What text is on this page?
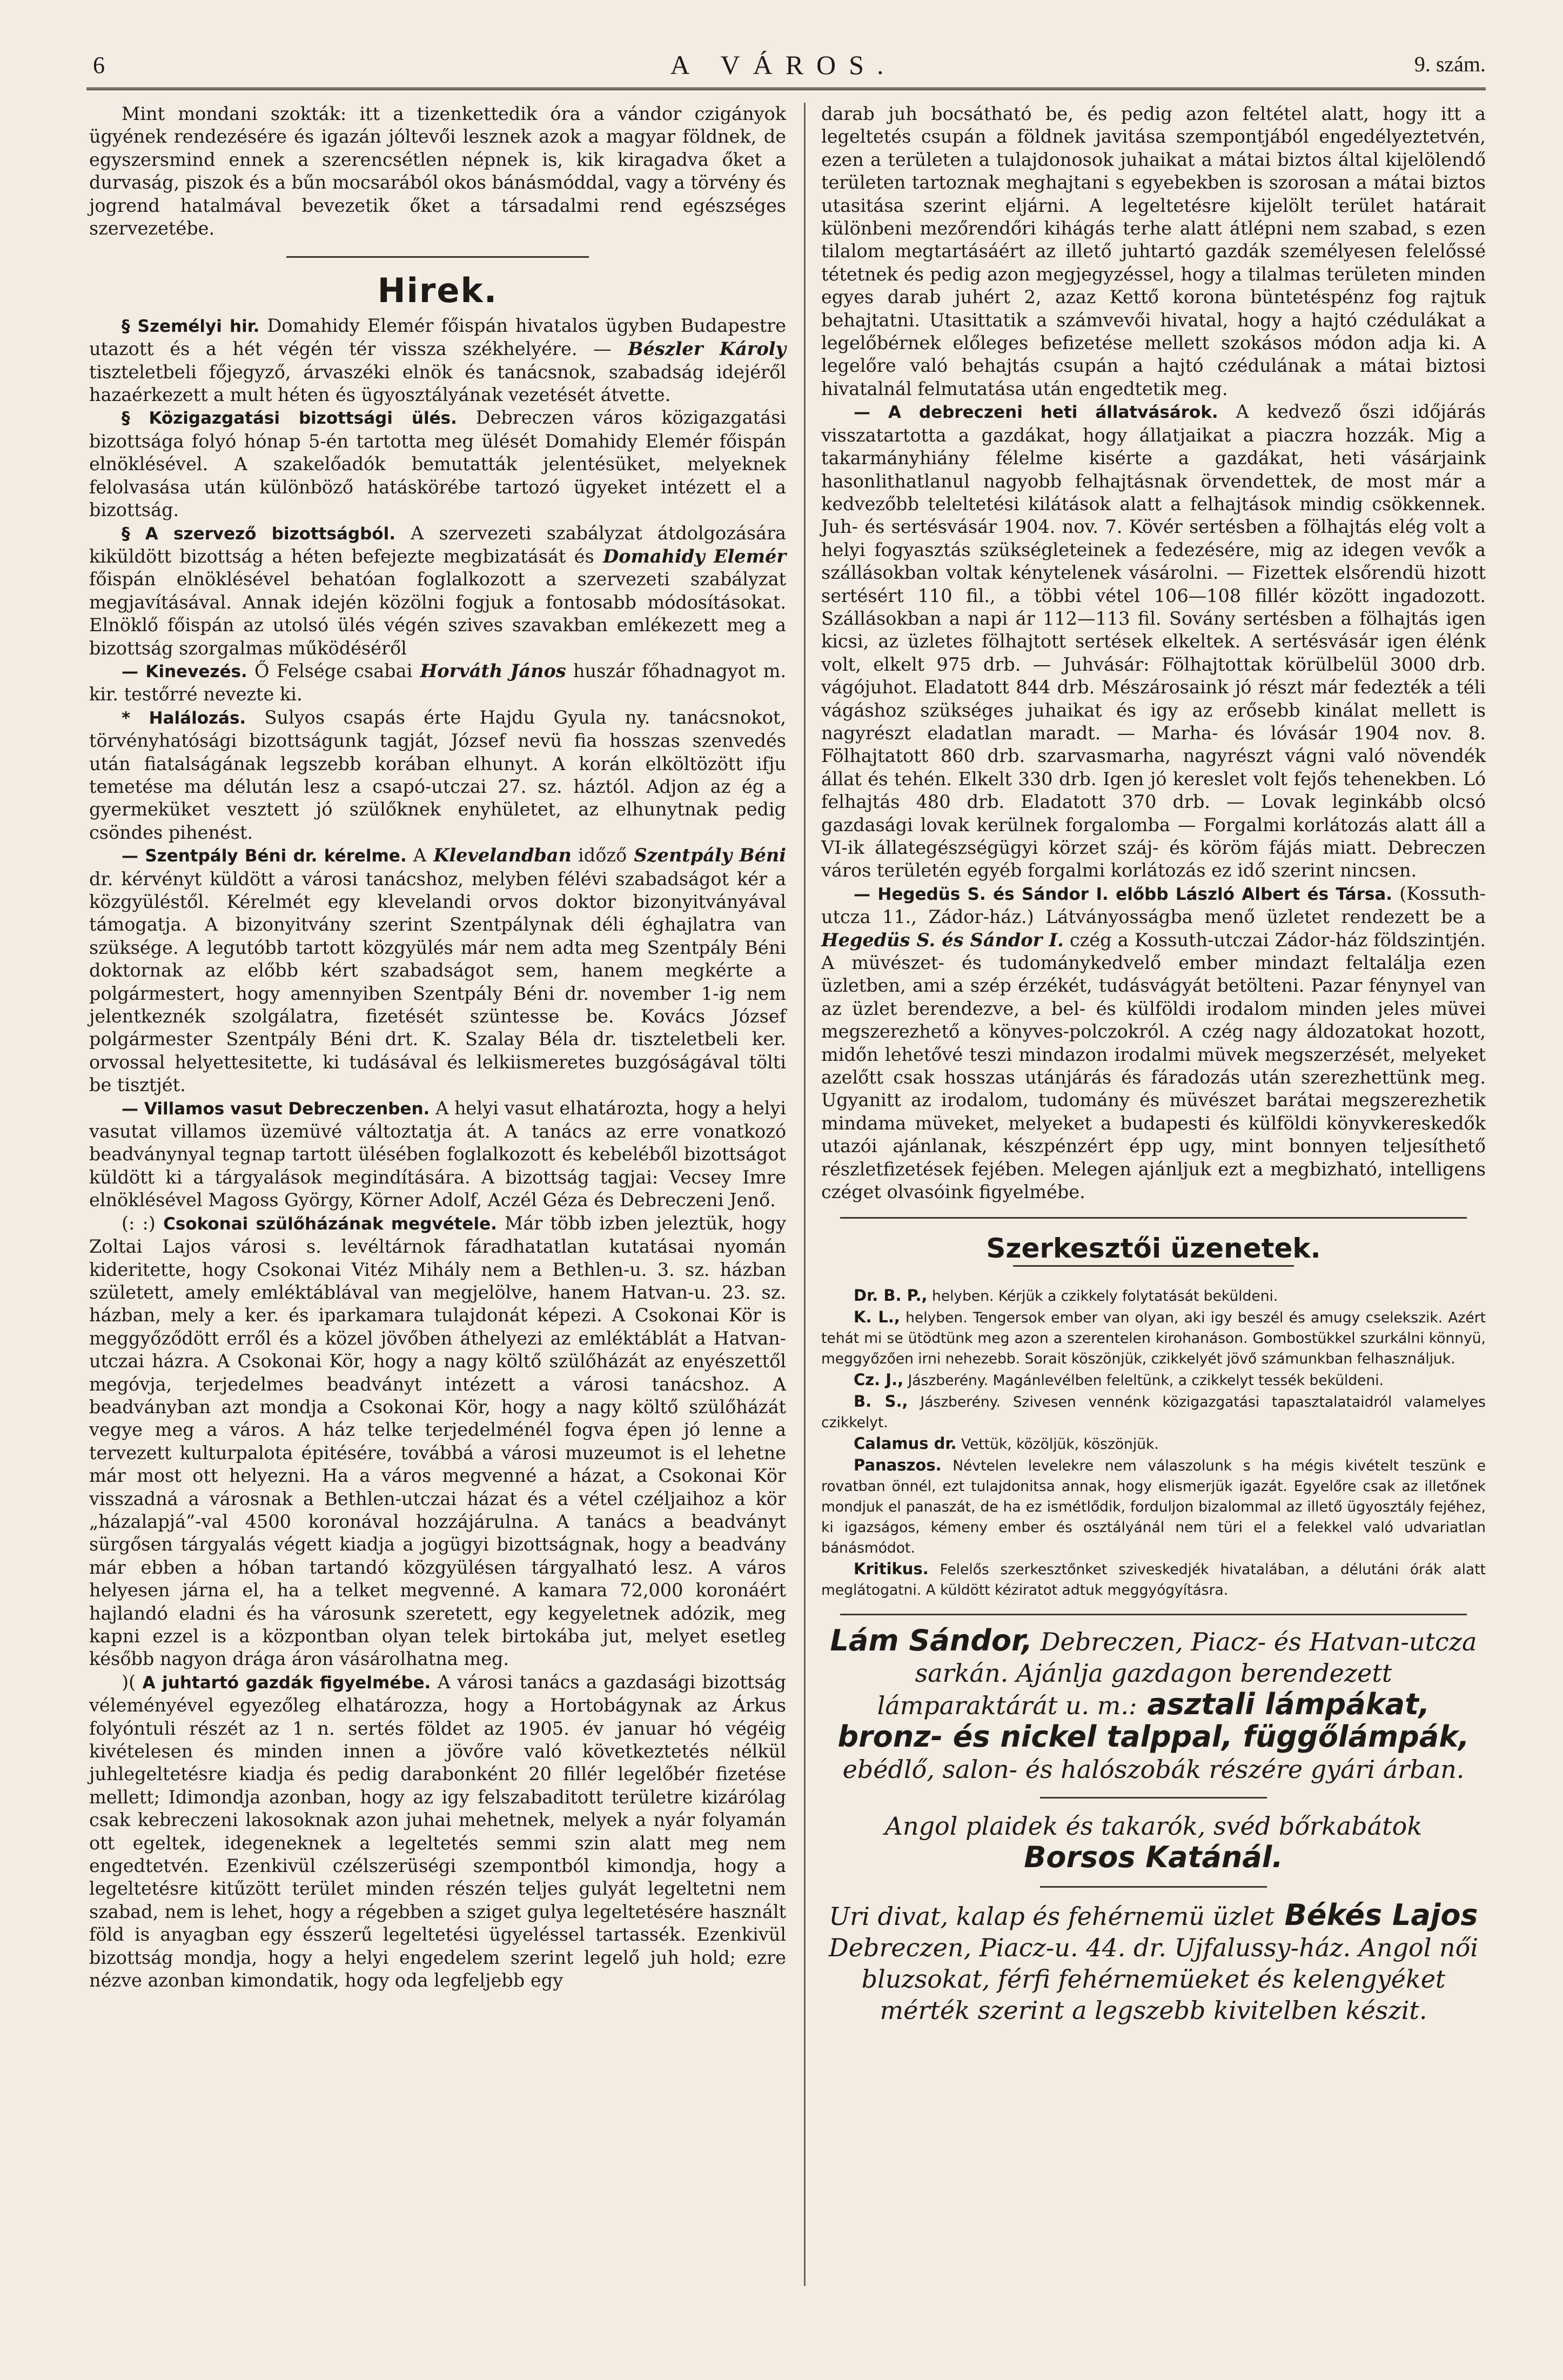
6	A VÁROS.	9. szám.

Mint mondani szokták: itt a tizenkettedik óra a vándor czigányok ügyének rendezésére és igazán jóltevői lesznek azok a magyar földnek, de egyszersmind ennek a szerencsétlen népnek is, kik kiragadva őket a durvaság, piszok és a bűn mocsarából okos bánásmóddal, vagy a törvény és jogrend hatalmával bevezetik őket a társadalmi rend egészséges szervezetébe.

Hirek.

§ Személyi hir. Domahidy Elemér főispán hivatalos ügyben Budapestre utazott és a hét végén tér vissza székhelyére. — Bészler Károly tiszteletbeli főjegyző, árvaszéki elnök és tanácsnok, szabadság idejéről hazaérkezett a mult héten és ügyosztályának vezetését átvette.

§ Közigazgatási bizottsági ülés. Debreczen város közigazgatási bizottsága folyó hónap 5-én tartotta meg ülését Domahidy Elemér főispán elnöklésével. A szakelőadók bemutatták jelentésüket, melyeknek felolvasása után különböző hatáskörébe tartozó ügyeket intézett el a bizottság.

§ A szervező bizottságból. A szervezeti szabályzat átdolgozására kiküldött bizottság a héten befejezte megbizatását és Domahidy Elemér főispán elnöklésével behatóan foglalkozott a szervezeti szabályzat megjavításával. Annak idején közölni fogjuk a fontosabb módosításokat. Elnöklő főispán az utolsó ülés végén szives szavakban emlékezett meg a bizottság szorgalmas működéséről

— Kinevezés. Ő Felsége csabai Horváth János huszár főhadnagyot m. kir. testőrré nevezte ki.

* Halálozás. Sulyos csapás érte Hajdu Gyula ny. tanácsnokot, törvényhatósági bizottságunk tagját, József nevü fia hosszas szenvedés után fiatalságának legszebb korában elhunyt. A korán elköltözött ifju temetése ma délután lesz a csapó-utczai 27. sz. háztól. Adjon az ég a gyermeküket vesztett jó szülőknek enyhületet, az elhunytnak pedig csöndes pihenést.

— Szentpály Béni dr. kérelme. A Klevelandban időző Szentpály Béni dr. kérvényt küldött a városi tanácshoz, melyben félévi szabadságot kér a közgyüléstől. Kérelmét egy klevelandi orvos doktor bizonyitványával támogatja. A bizonyitvány szerint Szentpálynak déli éghajlatra van szüksége. A legutóbb tartott közgyülés már nem adta meg Szentpály Béni doktornak az előbb kért szabadságot sem, hanem megkérte a polgármestert, hogy amennyiben Szentpály Béni dr. november 1-ig nem jelentkeznék szolgálatra, fizetését szüntesse be. Kovács József polgármester Szentpály Béni drt. K. Szalay Béla dr. tiszteletbeli ker. orvossal helyettesitette, ki tudásával és lelkiismeretes buzgóságával tölti be tisztjét.

— Villamos vasut Debreczenben. A helyi vasut elhatározta, hogy a helyi vasutat villamos üzemüvé változtatja át. A tanács az erre vonatkozó beadványnyal tegnap tartott ülésében foglalkozott és kebeléből bizottságot küldött ki a tárgyalások megindítására. A bizottság tagjai: Vecsey Imre elnöklésével Magoss György, Körner Adolf, Aczél Géza és Debreczeni Jenő.

(: :) Csokonai szülőházának megvétele. Már több izben jeleztük, hogy Zoltai Lajos városi s. levéltárnok fáradhatatlan kutatásai nyomán kideritette, hogy Csokonai Vitéz Mihály nem a Bethlen-u. 3. sz. házban született, amely emléktáblával van megjelölve, hanem Hatvan-u. 23. sz. házban, mely a ker. és iparkamara tulajdonát képezi. A Csokonai Kör is meggyőződött erről és a közel jövőben áthelyezi az emléktáblát a Hatvan-utczai házra. A Csokonai Kör, hogy a nagy költő szülőházát az enyészettől megóvja, terjedelmes beadványt intézett a városi tanácshoz. A beadványban azt mondja a Csokonai Kör, hogy a nagy költő szülőházát vegye meg a város. A ház telke terjedelménél fogva épen jó lenne a tervezett kulturpalota épitésére, továbbá a városi muzeumot is el lehetne már most ott helyezni. Ha a város megvenné a házat, a Csokonai Kör visszadná a városnak a Bethlen-utczai házat és a vétel czéljaihoz a kör „házalapjá”-val 4500 koronával hozzájárulna. A tanács a beadványt sürgősen tárgyalás végett kiadja a jogügyi bizottságnak, hogy a beadvány már ebben a hóban tartandó közgyülésen tárgyalható lesz. A város helyesen járna el, ha a telket megvenné. A kamara 72,000 koronáért hajlandó eladni és ha városunk szeretett, egy kegyeletnek adózik, meg kapni ezzel is a központban olyan telek birtokába jut, melyet esetleg később nagyon drága áron vásárolhatna meg.

)( A juhtartó gazdák figyelmébe. A városi tanács a gazdasági bizottság véleményével egyezőleg elhatározza, hogy a Hortobágynak az Árkus folyóntuli részét az 1 n. sertés földet az 1905. év januar hó végéig kivételesen és minden innen a jövőre való következtetés nélkül juhlegeltetésre kiadja és pedig darabonként 20 fillér legelőbér fizetése mellett; Idimondja azonban, hogy az igy felszabaditott területre kizárólag csak kebreczeni lakosoknak azon juhai mehetnek, melyek a nyár folyamán ott egeltek, idegeneknek a legeltetés semmi szin alatt meg nem engedtetvén. Ezenkivül czélszerüségi szempontból kimondja, hogy a legeltetésre kitűzött terület minden részén teljes gulyát legeltetni nem szabad, nem is lehet, hogy a régebben a sziget gulya legeltetésére használt föld is anyagban egy ésszerű legeltetési ügyeléssel tartassék. Ezenkivül bizottság mondja, hogy a helyi engedelem szerint legelő juh hold; ezre nézve azonban kimondatik, hogy oda legfeljebb egy

darab juh bocsátható be, és pedig azon feltétel alatt, hogy itt a legeltetés csupán a földnek javitása szempontjából engedélyeztetvén, ezen a területen a tulajdonosok juhaikat a mátai biztos által kijelölendő területen tartoznak meghajtani s egyebekben is szorosan a mátai biztos utasitása szerint eljárni. A legeltetésre kijelölt terület határait különbeni mezőrendőri kihágás terhe alatt átlépni nem szabad, s ezen tilalom megtartásáért az illető juhtartó gazdák személyesen felelőssé tétetnek és pedig azon megjegyzéssel, hogy a tilalmas területen minden egyes darab juhért 2, azaz Kettő korona büntetéspénz fog rajtuk behajtatni. Utasittatik a számvevői hivatal, hogy a hajtó czédulákat a legelőbérnek előleges befizetése mellett szokásos módon adja ki. A legelőre való behajtás csupán a hajtó czédulának a mátai biztosi hivatalnál felmutatása után engedtetik meg.

— A debreczeni heti állatvásárok. A kedvező őszi időjárás visszatartotta a gazdákat, hogy állatjaikat a piaczra hozzák. Mig a takarmányhiány félelme kisérte a gazdákat, heti vásárjaink hasonlithatlanul nagyobb felhajtásnak örvendettek, de most már a kedvezőbb teleltetési kilátások alatt a felhajtások mindig csökkennek. Juh- és sertésvásár 1904. nov. 7. Kövér sertésben a fölhajtás elég volt a helyi fogyasztás szükségleteinek a fedezésére, mig az idegen vevők a szállásokban voltak kénytelenek vásárolni. — Fizettek elsőrendü hizott sertésért 110 fil., a többi vétel 106—108 fillér között ingadozott. Szállásokban a napi ár 112—113 fil. Sovány sertésben a fölhajtás igen kicsi, az üzletes fölhajtott sertések elkeltek. A sertésvásár igen élénk volt, elkelt 975 drb. — Juhvásár: Fölhajtottak körülbelül 3000 drb. vágójuhot. Eladatott 844 drb. Mészárosaink jó részt már fedezték a téli vágáshoz szükséges juhaikat és igy az erősebb kinálat mellett is nagyrészt eladatlan maradt. — Marha- és lóvásár 1904 nov. 8. Fölhajtatott 860 drb. szarvasmarha, nagyrészt vágni való növendék állat és tehén. Elkelt 330 drb. Igen jó kereslet volt fejős tehenekben. Ló felhajtás 480 drb. Eladatott 370 drb. — Lovak leginkább olcsó gazdasági lovak kerülnek forgalomba — Forgalmi korlátozás alatt áll a VI-ik állategészségügyi körzet száj- és köröm fájás miatt. Debreczen város területén egyéb forgalmi korlátozás ez idő szerint nincsen.

— Hegedüs S. és Sándor I. előbb László Albert és Társa. (Kossuth-utcza 11., Zádor-ház.) Látványosságba menő üzletet rendezett be a Hegedüs S. és Sándor I. czég a Kossuth-utczai Zádor-ház földszintjén. A müvészet- és tudománykedvelő ember mindazt feltalálja ezen üzletben, ami a szép érzékét, tudásvágyát betölteni. Pazar fénynyel van az üzlet berendezve, a bel- és külföldi irodalom minden jeles müvei megszerezhető a könyves-polczokról. A czég nagy áldozatokat hozott, midőn lehetővé teszi mindazon irodalmi müvek megszerzését, melyeket azelőtt csak hosszas utánjárás és fáradozás után szerezhettünk meg. Ugyanitt az irodalom, tudomány és müvészet barátai megszerezhetik mindama müveket, melyeket a budapesti és külföldi könyvkereskedők utazói ajánlanak, készpénzért épp ugy, mint bonnyen teljesíthető részletfizetések fejében. Melegen ajánljuk ezt a megbizható, intelligens czéget olvasóink figyelmébe.

Szerkesztői üzenetek.

Dr. B. P., helyben. Kérjük a czikkely folytatását beküldeni.

K. L., helyben. Tengersok ember van olyan, aki igy beszél és amugy cselekszik. Azért tehát mi se ütödtünk meg azon a szerentelen kirohanáson. Gombostükkel szurkálni könnyü, meggyőzően irni nehezebb. Sorait köszönjük, czikkelyét jövő számunkban felhasználjuk.

Cz. J., Jászberény. Magánlevélben feleltünk, a czikkelyt tessék beküldeni.

B. S., Jászberény. Szivesen vennénk közigazgatási tapasztalataidról valamelyes czikkelyt.

Calamus dr. Vettük, közöljük, köszönjük.

Panaszos. Névtelen levelekre nem válaszolunk s ha mégis kivételt teszünk e rovatban önnél, ezt tulajdonitsa annak, hogy elismerjük igazát. Egyelőre csak az illetőnek mondjuk el panaszát, de ha ez ismétlődik, forduljon bizalommal az illető ügyosztály fejéhez, ki igazságos, kémeny ember és osztályánál nem türi el a felekkel való udvariatlan bánásmódot.

Kritikus. Felelős szerkesztőnket sziveskedjék hivatalában, a délutáni órák alatt meglátogatni. A küldött kéziratot adtuk meggyógyításra.

Lám Sándor, Debreczen, Piacz- és Hatvan-utcza sarkán. Ajánlja gazdagon berendezett lámparaktárát u. m.: asztali lámpákat, bronz- és nickel talppal, függőlámpák, ebédlő, salon- és halószobák részére gyári árban.
Angol plaidek és takarók, svéd bőrkabátok
Borsos Katánál.
Uri divat, kalap és fehérnemü üzlet Békés Lajos Debreczen, Piacz-u. 44. dr. Ujfalussy-ház. Angol női bluzsokat, férfi fehérnemüeket és kelengyéket mérték szerint a legszebb kivitelben készit.
